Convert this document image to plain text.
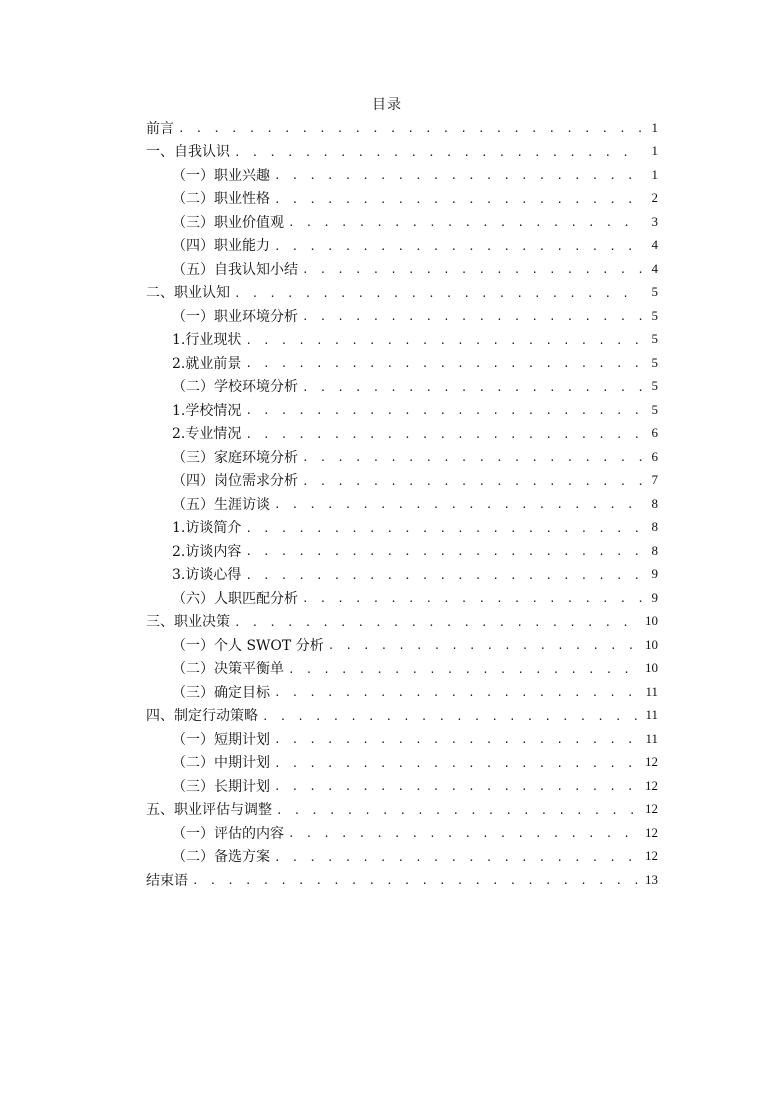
目录
前言 . . .	1
一、自我认识 . . .	1
（一）职业兴趣 . . .	1
（二）职业性格 . . .	2
（三）职业价值观 . . .	3
（四）职业能力 . . .	4
（五）自我认知小结 . . .	4
二、职业认知 . . .	5
（一）职业环境分析 . . .	5
1.行业现状 . . .	5
2.就业前景 . . .	5
（二）学校环境分析 . . .	5
1.学校情况 . . .	5
2.专业情况 . . .	6
（三）家庭环境分析 . . .	6
（四）岗位需求分析 . . .	7
（五）生涯访谈 . . .	8
1.访谈简介 . . .	8
2.访谈内容 . . .	8
3.访谈心得 . . .	9
（六）人职匹配分析 . . .	9
三、职业决策 . . .	10
（一）个人 SWOT 分析 . . .	10
（二）决策平衡单 . . .	10
（三）确定目标 . . .	11
四、制定行动策略 . . .	11
（一）短期计划 . . .	11
（二）中期计划 . . .	12
（三）长期计划 . . .	12
五、职业评估与调整 . . .	12
（一）评估的内容 . . .	12
（二）备选方案 . . .	12
结束语 . . .	13
